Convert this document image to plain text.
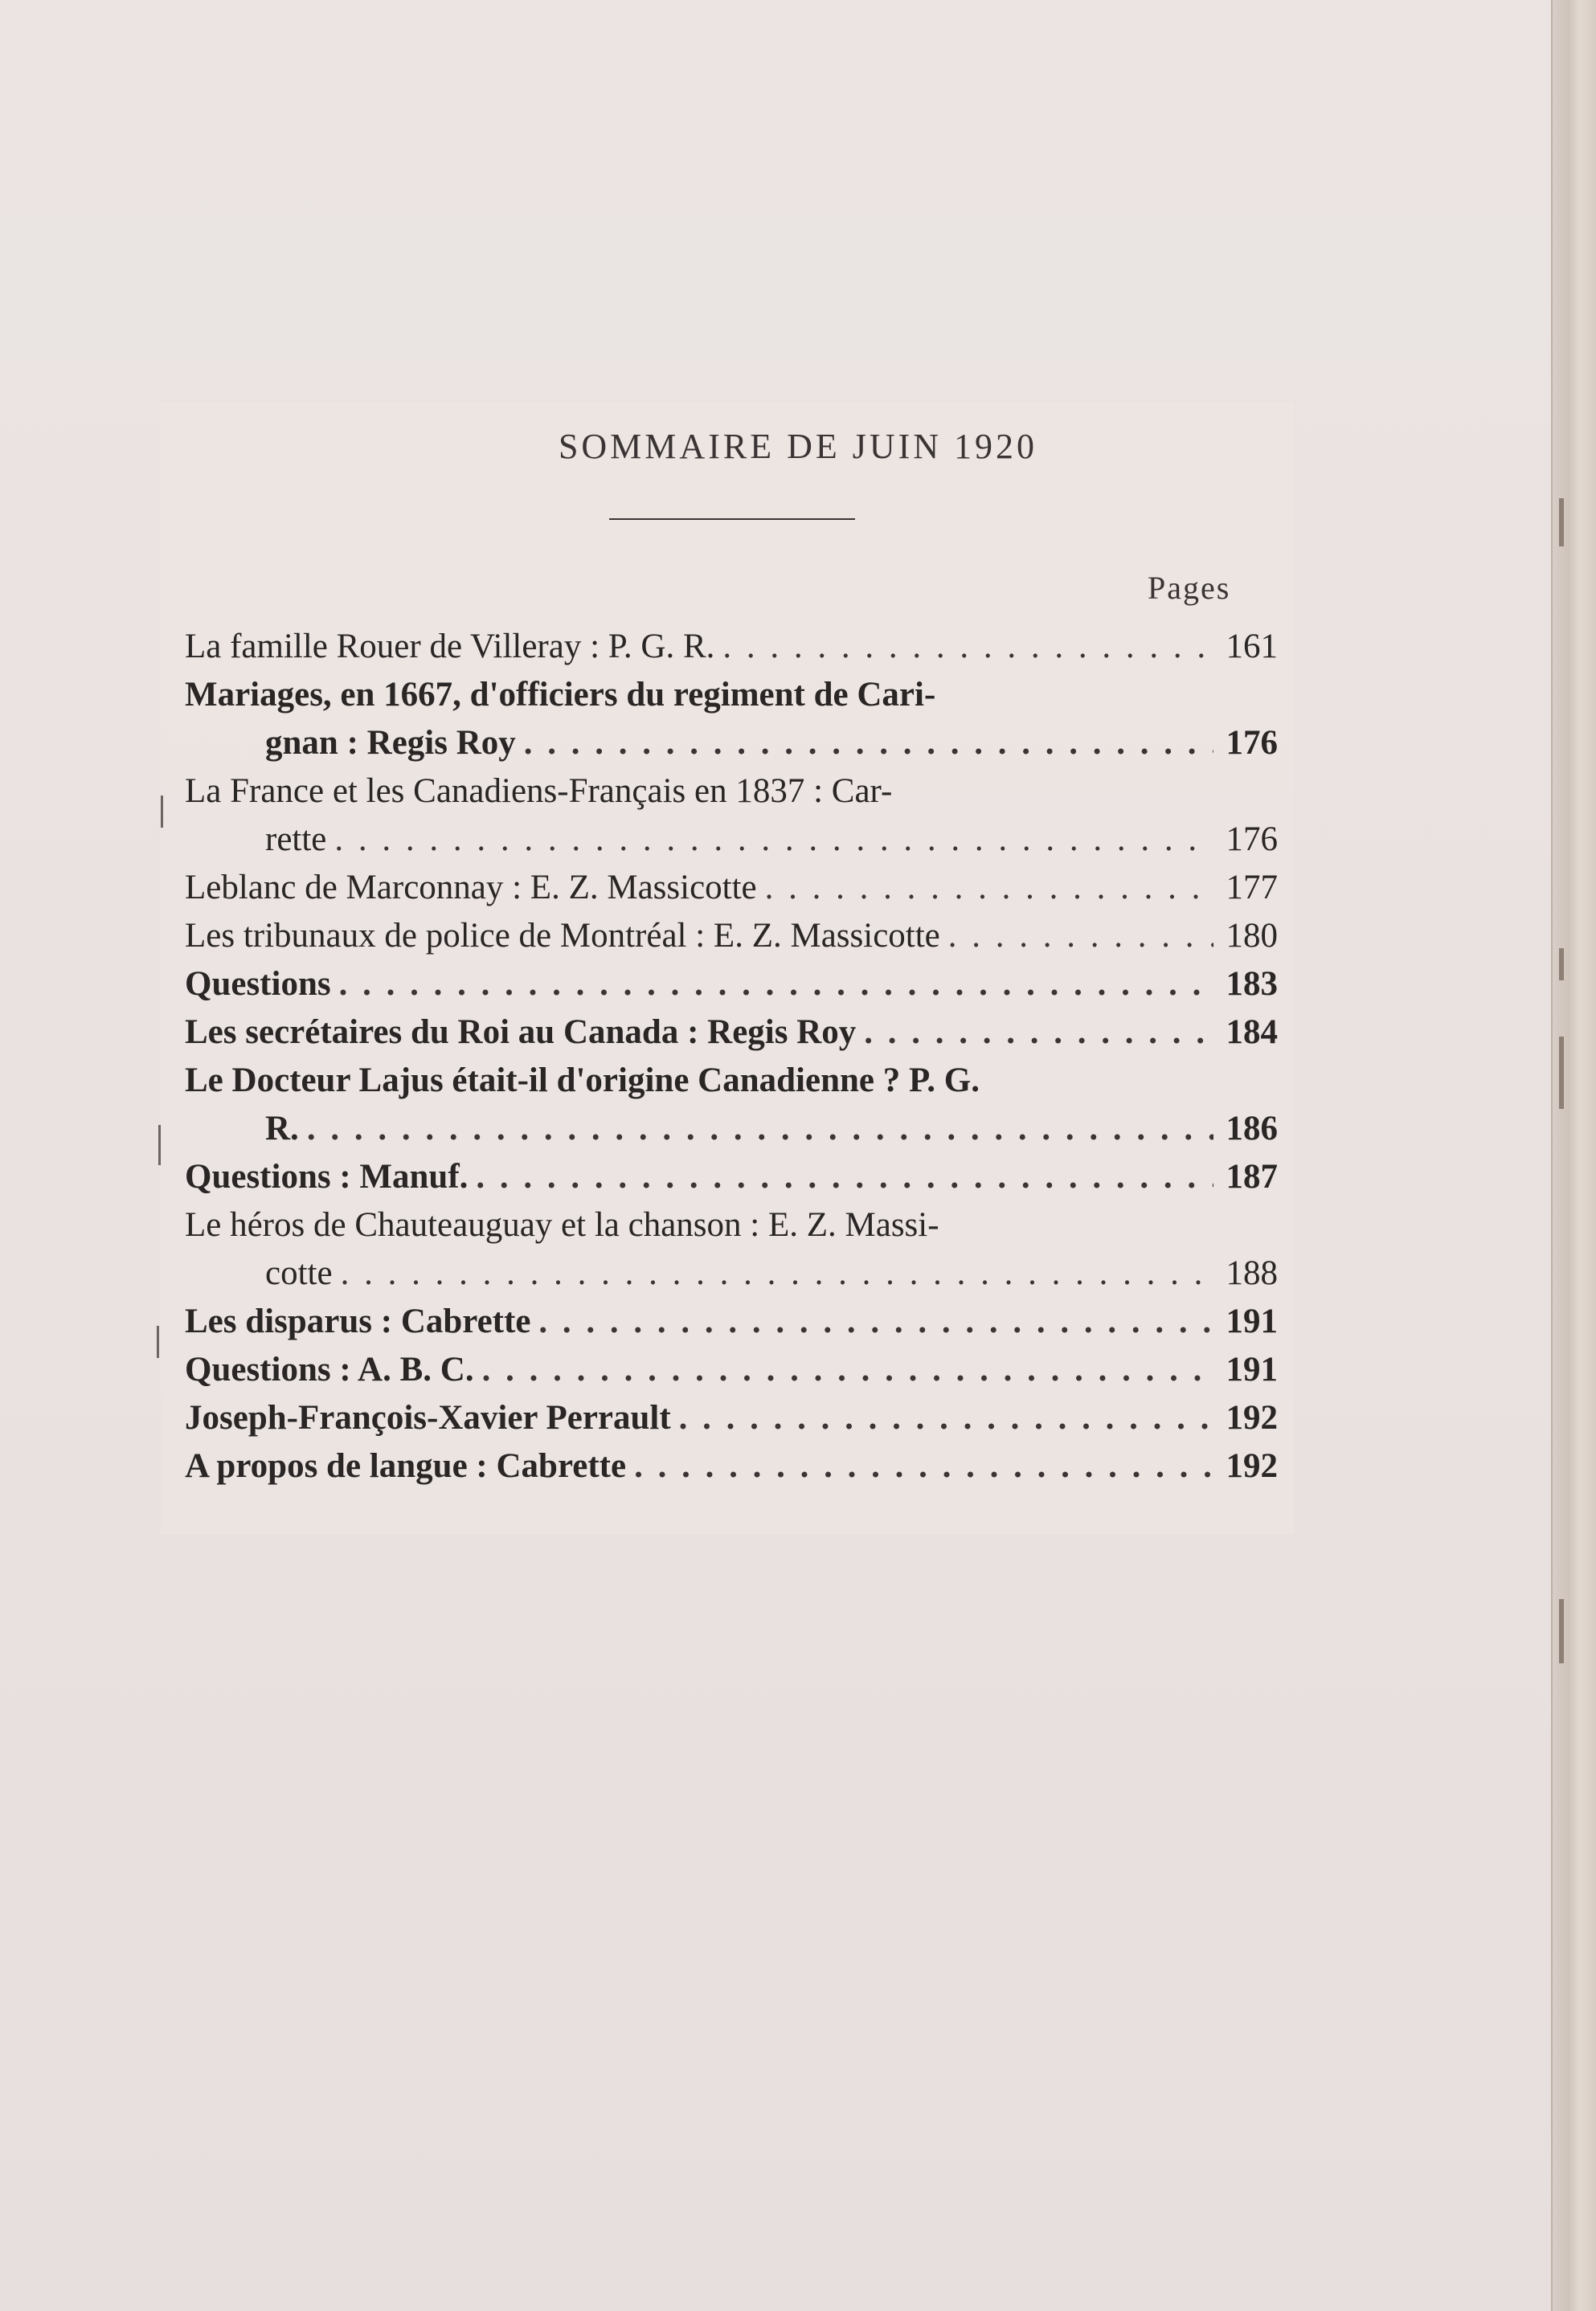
SOMMAIRE DE JUIN 1920
Pages
La famille Rouer de Villeray : P. G. R. . . .	161
Mariages, en 1667, d'officiers du regiment de Cari-
gnan : Regis Roy . . .	176
La France et les Canadiens-Français en 1837 : Car-
rette . . .	176
Leblanc de Marconnay : E. Z. Massicotte . . .	177
Les tribunaux de police de Montréal : E. Z. Massicotte . . .	180
Questions . . .	183
Les secrétaires du Roi au Canada : Regis Roy . . .	184
Le Docteur Lajus était-il d'origine Canadienne ? P. G.
R. . . .	186
Questions : Manuf. . . .	187
Le héros de Chauteauguay et la chanson : E. Z. Massi-
cotte . . .	188
Les disparus : Cabrette . . .	191
Questions : A. B. C. . . .	191
Joseph-François-Xavier Perrault . . .	192
A propos de langue : Cabrette . . .	192
